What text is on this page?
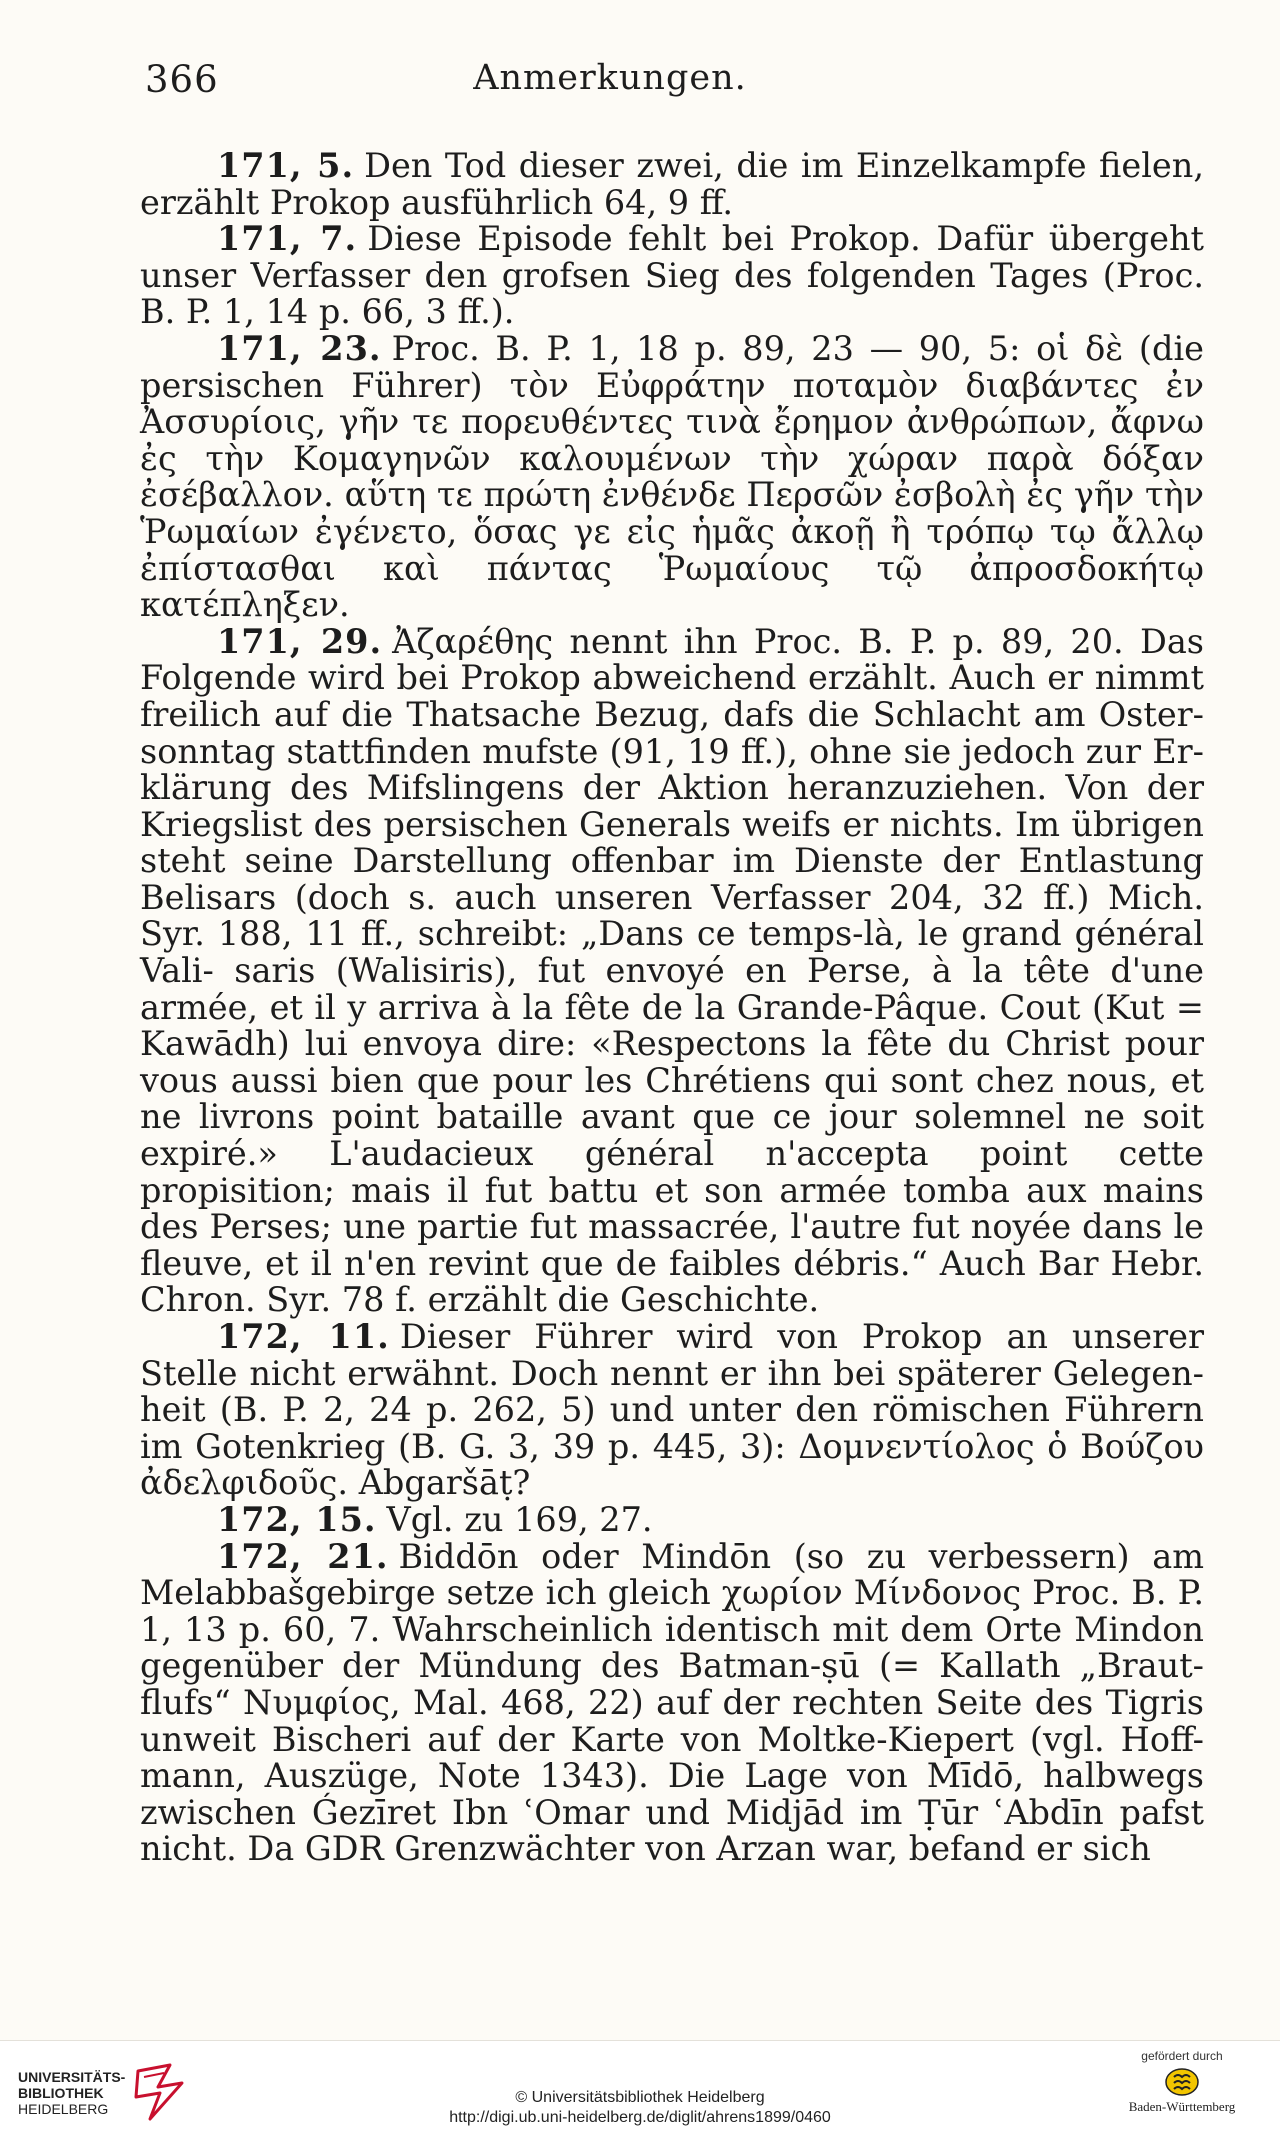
366	Anmerkungen.

171, 5. Den Tod dieser zwei, die im Einzelkampfe fielen, erzählt Prokop ausführlich 64, 9 ff.

171, 7. Diese Episode fehlt bei Prokop. Dafür übergeht unser Verfasser den grofsen Sieg des folgenden Tages (Proc. B. P. 1, 14 p. 66, 3 ff.).

171, 23. Proc. B. P. 1, 18 p. 89, 23 — 90, 5: οἱ δὲ (die persischen Führer) τὸν Εὐφράτην ποταμὸν διαβάντες ἐν Ἀσσυρίοις, γῆν τε πορευθέντες τινὰ ἔρημον ἀνθρώπων, ἄφνω ἐς τὴν Κομαγηνῶν καλουμένων τὴν χώραν παρὰ δόξαν ἐσέβαλλον. αὕτη τε πρώτη ἐνθένδε Περσῶν ἐσβολὴ ἐς γῆν τὴν Ῥωμαίων ἐγένετο, ὅσας γε εἰς ἡμᾶς ἀκοῇ ἢ τρόπῳ τῳ ἄλλῳ ἐπίστασθαι καὶ πάντας Ῥωμαίους τῷ ἀπροσδοκήτῳ κατέπληξεν.

171, 29. Ἀζαρέθης nennt ihn Proc. B. P. p. 89, 20. Das Folgende wird bei Prokop abweichend erzählt. Auch er nimmt freilich auf die Thatsache Bezug, dafs die Schlacht am Oster- sonntag stattfinden mufste (91, 19 ff.), ohne sie jedoch zur Er- klärung des Mifslingens der Aktion heranzuziehen. Von der Kriegslist des persischen Generals weifs er nichts. Im übrigen steht seine Darstellung offenbar im Dienste der Entlastung Belisars (doch s. auch unseren Verfasser 204, 32 ff.) Mich. Syr. 188, 11 ff., schreibt: „Dans ce temps-là, le grand général Vali- saris (Walisiris), fut envoyé en Perse, à la tête d'une armée, et il y arriva à la fête de la Grande-Pâque. Cout (Kut = Kawādh) lui envoya dire: «Respectons la fête du Christ pour vous aussi bien que pour les Chrétiens qui sont chez nous, et ne livrons point bataille avant que ce jour solemnel ne soit expiré.» L'audacieux général n'accepta point cette propisition; mais il fut battu et son armée tomba aux mains des Perses; une partie fut massacrée, l'autre fut noyée dans le fleuve, et il n'en revint que de faibles débris.“ Auch Bar Hebr. Chron. Syr. 78 f. erzählt die Geschichte.

172, 11. Dieser Führer wird von Prokop an unserer Stelle nicht erwähnt. Doch nennt er ihn bei späterer Gelegen- heit (B. P. 2, 24 p. 262, 5) und unter den römischen Führern im Gotenkrieg (B. G. 3, 39 p. 445, 3): Δομνεντίολος ὁ Βούζου ἀδελφιδοῦς. Abgaršāṭ?

172, 15. Vgl. zu 169, 27.

172, 21. Biddōn oder Mindōn (so zu verbessern) am Melabbašgebirge setze ich gleich χωρίον Μίνδονος Proc. B. P. 1, 13 p. 60, 7. Wahrscheinlich identisch mit dem Orte Mindon gegenüber der Mündung des Batman-ṣū (= Kallath „Braut- flufs“ Νυμφίος, Mal. 468, 22) auf der rechten Seite des Tigris unweit Bischeri auf der Karte von Moltke-Kiepert (vgl. Hoff- mann, Auszüge, Note 1343). Die Lage von Mīdō, halbwegs zwischen Ǵezīret Ibn ʿOmar und Midjād im Ṭūr ʿAbdīn pafst nicht. Da GDR Grenzwächter von Arzan war, befand er sich

UNIVERSITÄTS-
BIBLIOTHEK
HEIDELBERG
© Universitätsbibliothek Heidelberg
http://digi.ub.uni-heidelberg.de/diglit/ahrens1899/0460
gefördert durch
Baden-Württemberg
